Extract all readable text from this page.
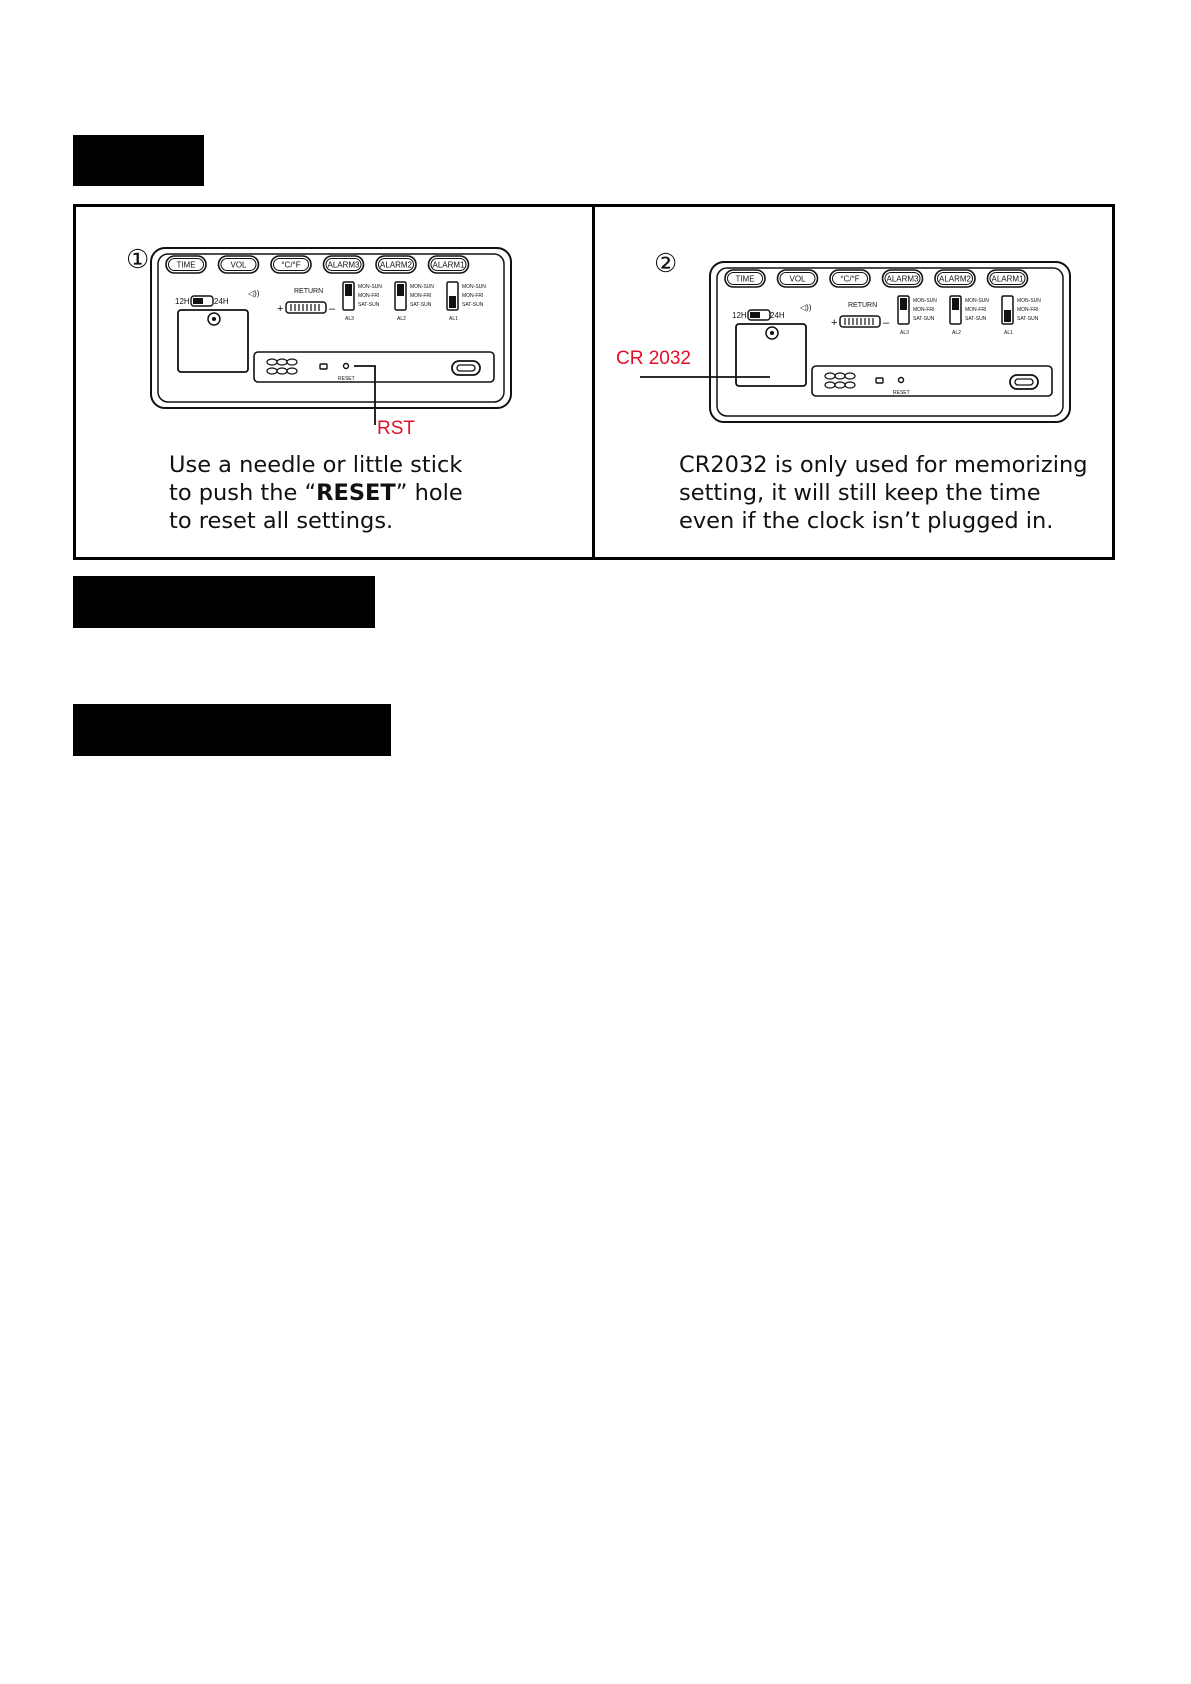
①	TIME	VOL	°C/°F	ALARM3	ALARM2	ALARM1
◁))
12H	24H
RETURN
+	–
MON-SUN
MON-FRI
SAT-SUN
AL3
MON-SUN
MON-FRI
SAT-SUN
AL2
MON-SUN
MON-FRI
SAT-SUN
AL1
RESET
RST
Use a needle or little stick
to push the “RESET” hole
to reset all settings.
②
TIME	VOL	°C/°F	ALARM3	ALARM2	ALARM1
◁))
12H	24H
RETURN
+	–
MON-SUN
MON-FRI
SAT-SUN
AL3
MON-SUN
MON-FRI
SAT-SUN
AL2
MON-SUN
MON-FRI
SAT-SUN
AL1
RESET
CR 2032
CR2032 is only used for memorizing
setting, it will still keep the time
even if the clock isn’t plugged in.
